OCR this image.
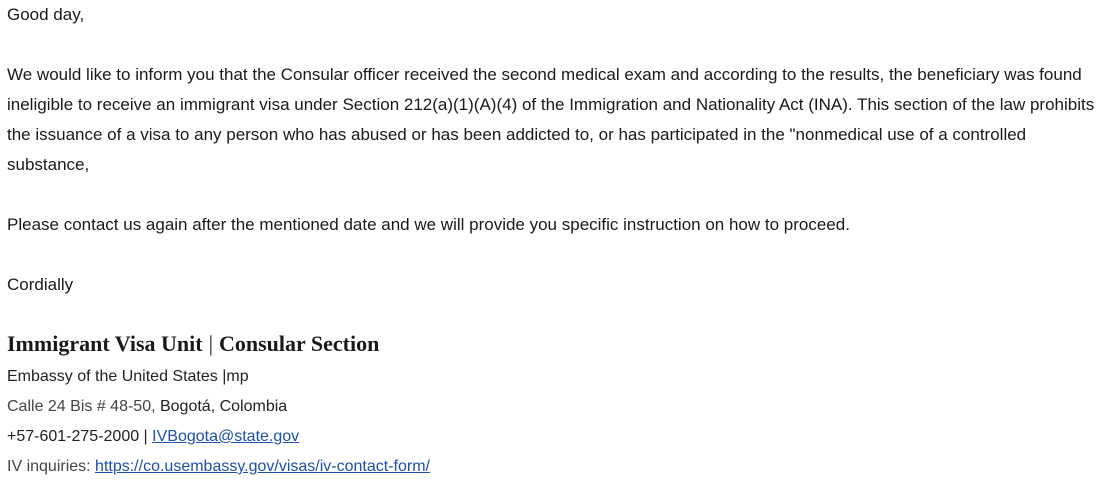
Good day,
We would like to inform you that the Consular officer received the second medical exam and according to the results, the beneficiary was found ineligible to receive an immigrant visa under Section 212(a)(1)(A)(4) of the Immigration and Nationality Act (INA). This section of the law prohibits the issuance of a visa to any person who has abused or has been addicted to, or has participated in the "nonmedical use of a controlled substance,
Please contact us again after the mentioned date and we will provide you specific instruction on how to proceed.
Cordially
Immigrant Visa Unit | Consular Section
Embassy of the United States |mp
Calle 24 Bis # 48-50, Bogotá, Colombia
+57-601-275-2000 | IVBogota@state.gov
IV inquiries: https://co.usembassy.gov/visas/iv-contact-form/
